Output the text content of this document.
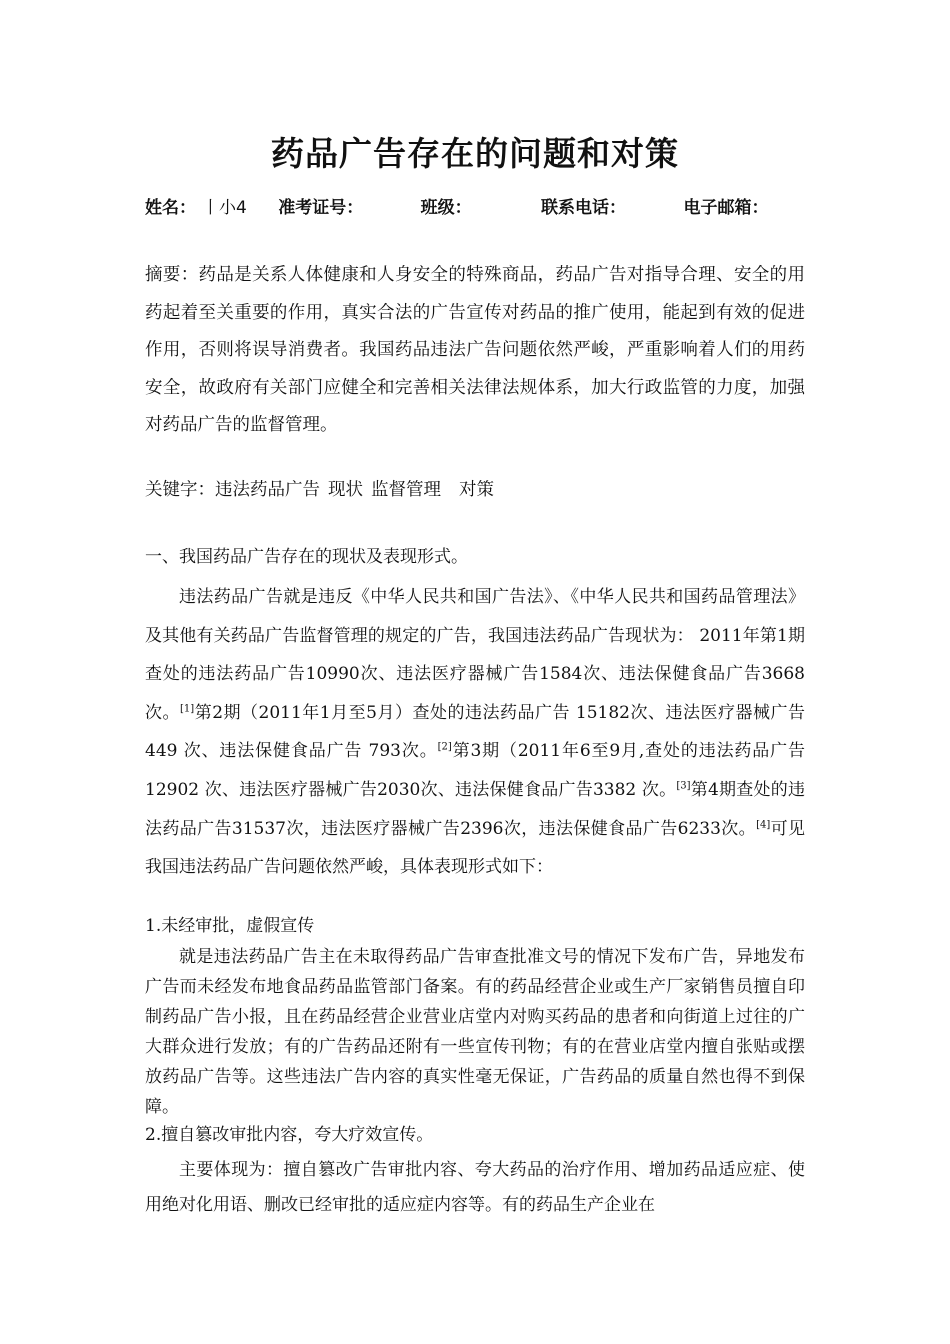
药品广告存在的问题和对策
姓名： 丨小4 准考证号：	班级：	联系电话：	电子邮箱：
摘要：药品是关系人体健康和人身安全的特殊商品，药品广告对指导合理、安全的用药起着至关重要的作用，真实合法的广告宣传对药品的推广使用，能起到有效的促进作用，否则将误导消费者。我国药品违法广告问题依然严峻，严重影响着人们的用药安全，故政府有关部门应健全和完善相关法律法规体系，加大行政监管的力度，加强对药品广告的监督管理。
关键字：违法药品广告 现状 监督管理 对策
一、我国药品广告存在的现状及表现形式。
违法药品广告就是违反《中华人民共和国广告法》、《中华人民共和国药品管理法》及其他有关药品广告监督管理的规定的广告，我国违法药品广告现状为： 2011年第1期查处的违法药品广告10990次、违法医疗器械广告1584次、违法保健食品广告3668次。[1]第2期（2011年1月至5月）查处的违法药品广告 15182次、违法医疗器械广告449 次、违法保健食品广告 793次。[2]第3期（2011年6至9月,查处的违法药品广告12902 次、违法医疗器械广告2030次、违法保健食品广告3382 次。[3]第4期查处的违法药品广告31537次，违法医疗器械广告2396次，违法保健食品广告6233次。[4]可见我国违法药品广告问题依然严峻，具体表现形式如下：
1.未经审批，虚假宣传
就是违法药品广告主在未取得药品广告审查批准文号的情况下发布广告，异地发布广告而未经发布地食品药品监管部门备案。有的药品经营企业或生产厂家销售员擅自印制药品广告小报，且在药品经营企业营业店堂内对购买药品的患者和向街道上过往的广大群众进行发放；有的广告药品还附有一些宣传刊物；有的在营业店堂内擅自张贴或摆放药品广告等。这些违法广告内容的真实性毫无保证，广告药品的质量自然也得不到保障。
2.擅自篡改审批内容，夸大疗效宣传。
主要体现为：擅自篡改广告审批内容、夸大药品的治疗作用、增加药品适应症、使用绝对化用语、删改已经审批的适应症内容等。有的药品生产企业在
